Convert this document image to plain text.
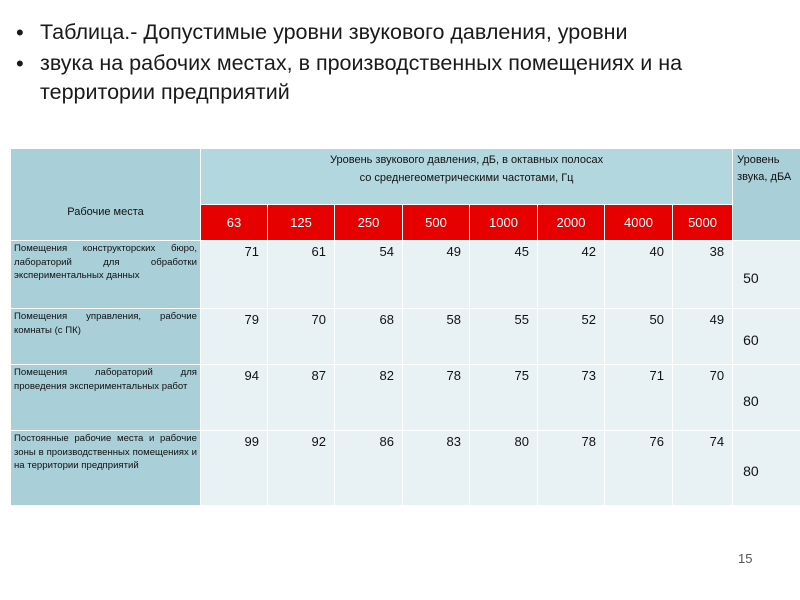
• Таблица.- Допустимые уровни звукового давления, уровни
• звука на рабочих местах, в производственных помещениях и на территории предприятий
Рабочие места	Уровень звукового давления, дБ, в октавных полосах
со среднегеометрическими частотами, Гц								Уровень звука, дБА
	63	125	250	500	1000	2000	4000	5000	
Помещения конструкторских бюро, лабораторий для обработки экспериментальных данных	71	61	54	49	45	42	40	38	50
Помещения управления, рабочие комнаты (с ПК)	79	70	68	58	55	52	50	49	60
Помещения лабораторий для проведения экспериментальных работ	94	87	82	78	75	73	71	70	80
Постоянные рабочие места и рабочие зоны в производственных помещениях и на территории предприятий	99	92	86	83	80	78	76	74	80
15
